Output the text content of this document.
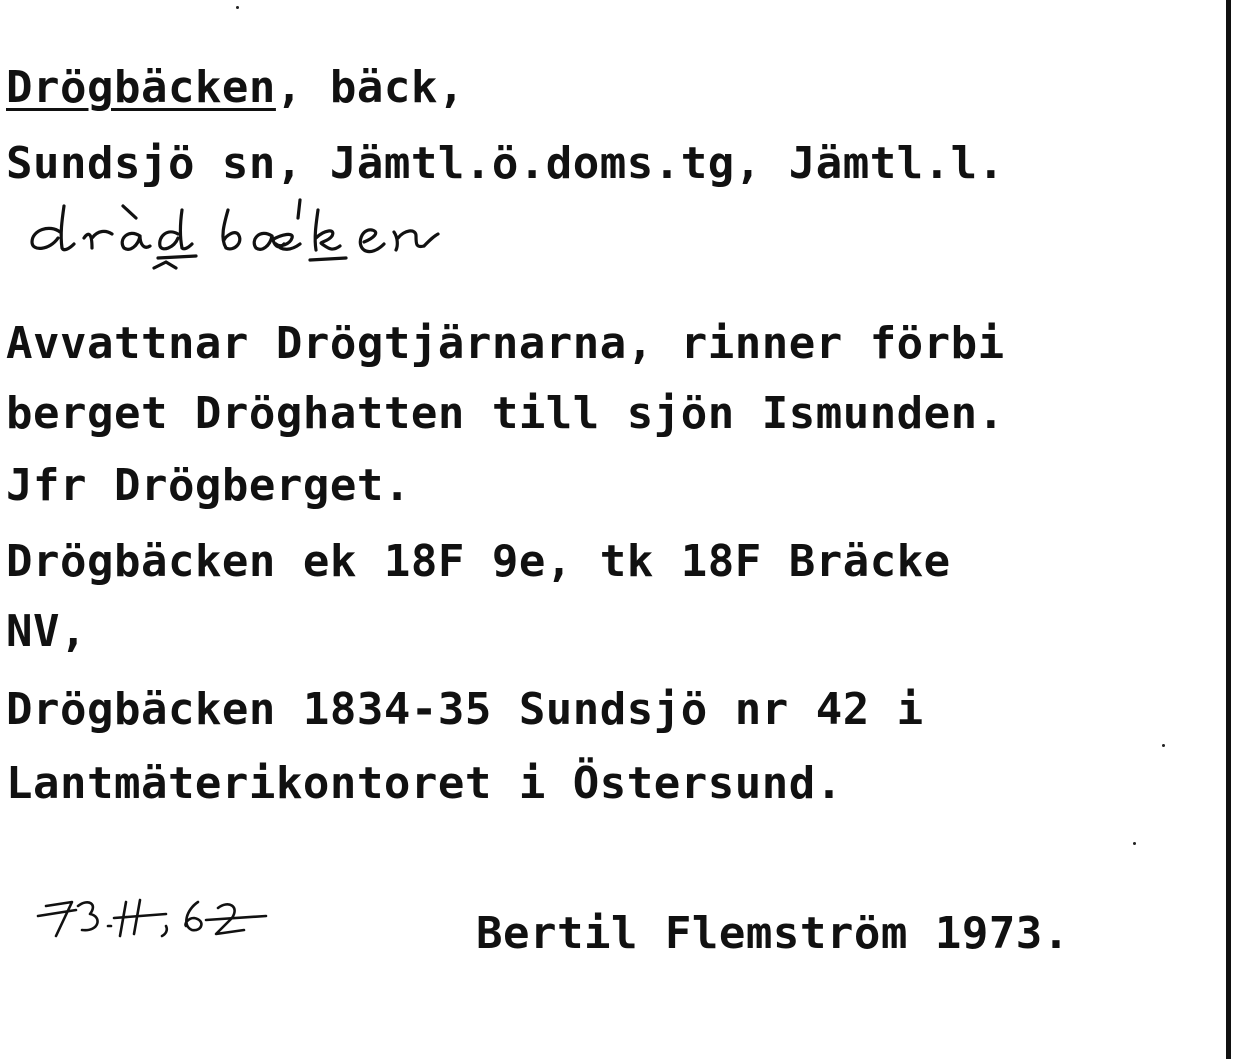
Drögbäcken, bäck,
Sundsjö sn, Jämtl.ö.doms.tg, Jämtl.l.
Avvattnar Drögtjärnarna, rinner förbi
berget Dröghatten till sjön Ismunden.
Jfr Drögberget.
Drögbäcken ek 18F 9e, tk 18F Bräcke
NV,
Drögbäcken 1834-35 Sundsjö nr 42 i
Lantmäterikontoret i Östersund.
Bertil Flemström 1973.
